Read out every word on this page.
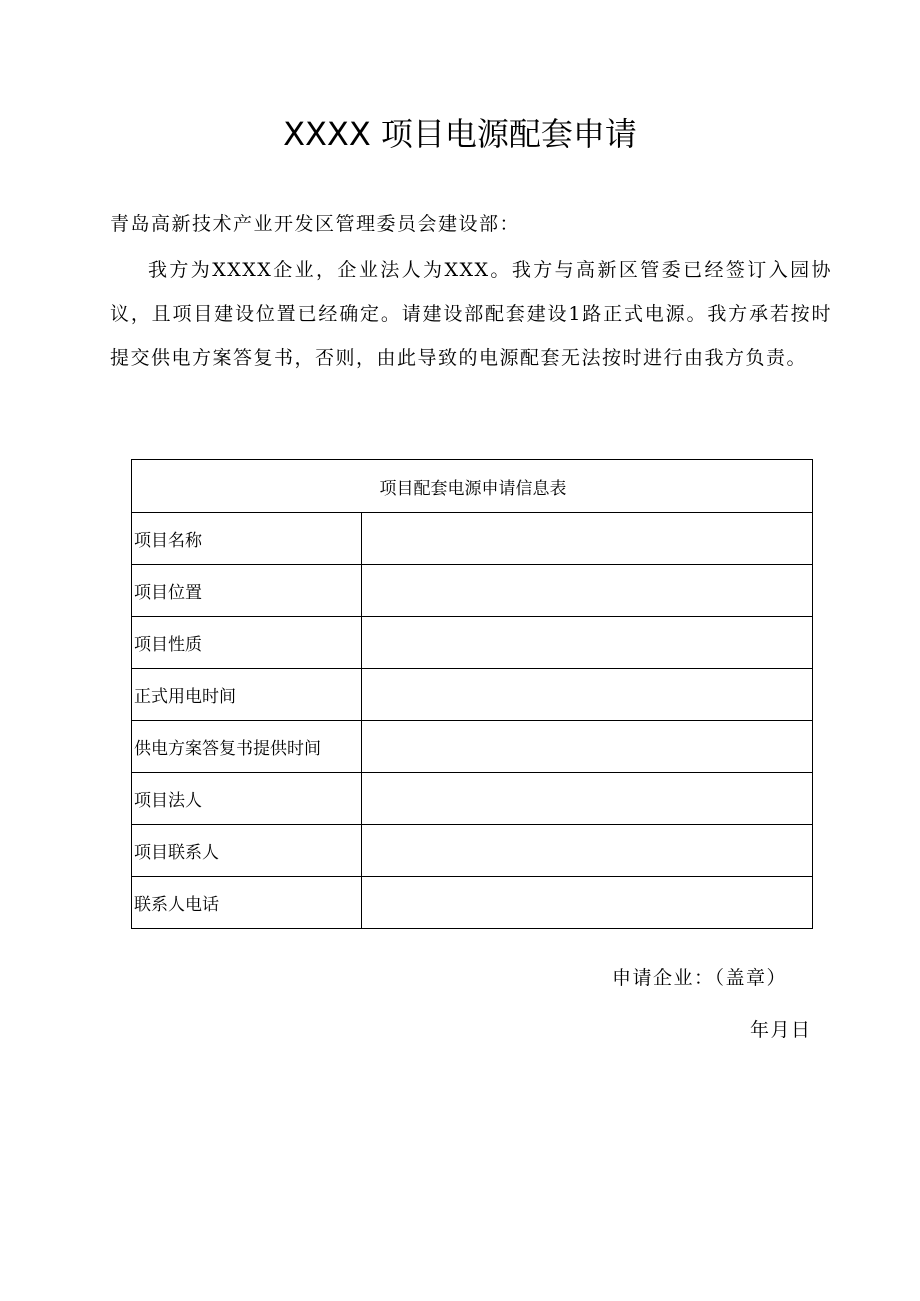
XXXX 项目电源配套申请

青岛高新技术产业开发区管理委员会建设部：

我方为XXXX企业，企业法人为XXX。我方与高新区管委已经签订入园协议，且项目建设位置已经确定。请建设部配套建设1路正式电源。我方承若按时提交供电方案答复书，否则，由此导致的电源配套无法按时进行由我方负责。

项目配套电源申请信息表	
项目名称	
项目位置	
项目性质	
正式用电时间	
供电方案答复书提供时间	
项目法人	
项目联系人	
联系人电话	

申请企业：（盖章）

年月日
